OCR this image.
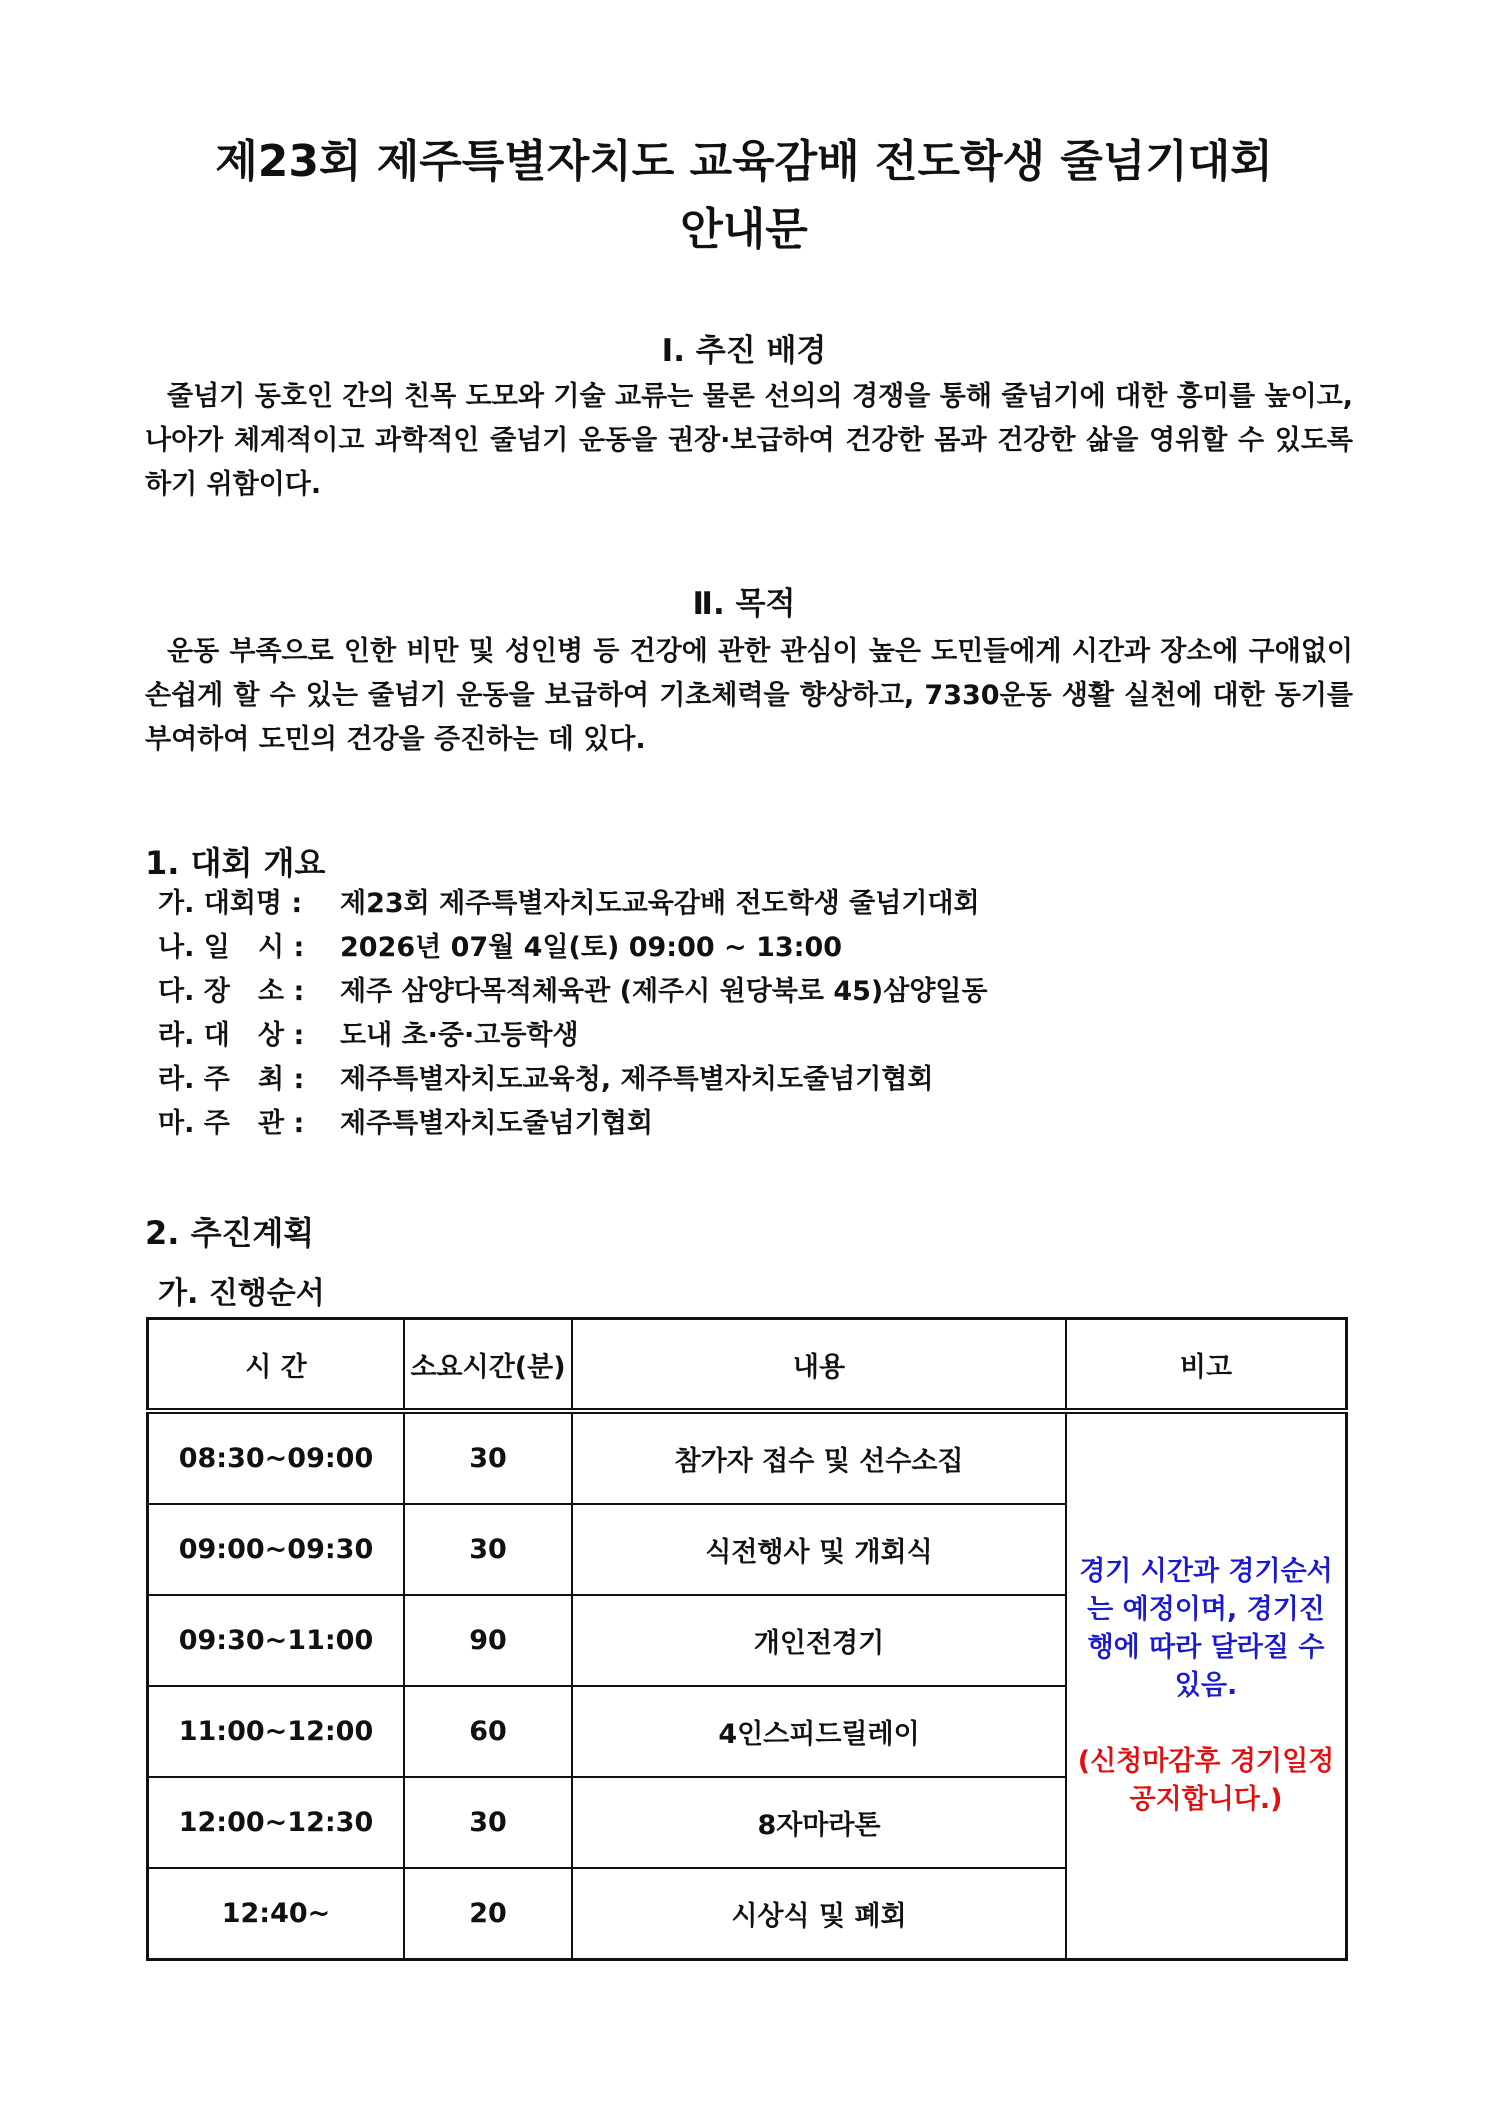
제23회 제주특별자치도 교육감배 전도학생 줄넘기대회
안내문
Ⅰ. 추진 배경
줄넘기 동호인 간의 친목 도모와 기술 교류는 물론 선의의 경쟁을 통해 줄넘기에 대한 흥미를 높이고, 나아가 체계적이고 과학적인 줄넘기 운동을 권장·보급하여 건강한 몸과 건강한 삶을 영위할 수 있도록 하기 위함이다.
Ⅱ. 목적
운동 부족으로 인한 비만 및 성인병 등 건강에 관한 관심이 높은 도민들에게 시간과 장소에 구애없이 손쉽게 할 수 있는 줄넘기 운동을 보급하여 기초체력을 향상하고, 7330운동 생활 실천에 대한 동기를 부여하여 도민의 건강을 증진하는 데 있다.
1. 대회 개요
가. 대회명 :	제23회 제주특별자치도교육감배 전도학생 줄넘기대회
나. 일   시 : 2026년 07월 4일(토) 09:00 ~ 13:00
다. 장   소 : 제주 삼양다목적체육관 (제주시 원당북로 45)삼양일동
라. 대   상 : 도내 초·중·고등학생
라. 주   최 : 제주특별자치도교육청, 제주특별자치도줄넘기협회
마. 주   관 : 제주특별자치도줄넘기협회
2. 추진계획
가. 진행순서
시 간	소요시간(분)	내용	비고
08:30~09:00	30	참가자 접수 및 선수소집	경기 시간과 경기순서는 예정이며, 경기진행에 따라 달라질 수 있음.
(신청마감후 경기일정 공지합니다.)

09:00~09:30	30	식전행사 및 개회식	
09:30~11:00	90	개인전경기	
11:00~12:00	60	4인스피드릴레이	
12:00~12:30	30	8자마라톤	
12:40~	20	시상식 및 폐회	
